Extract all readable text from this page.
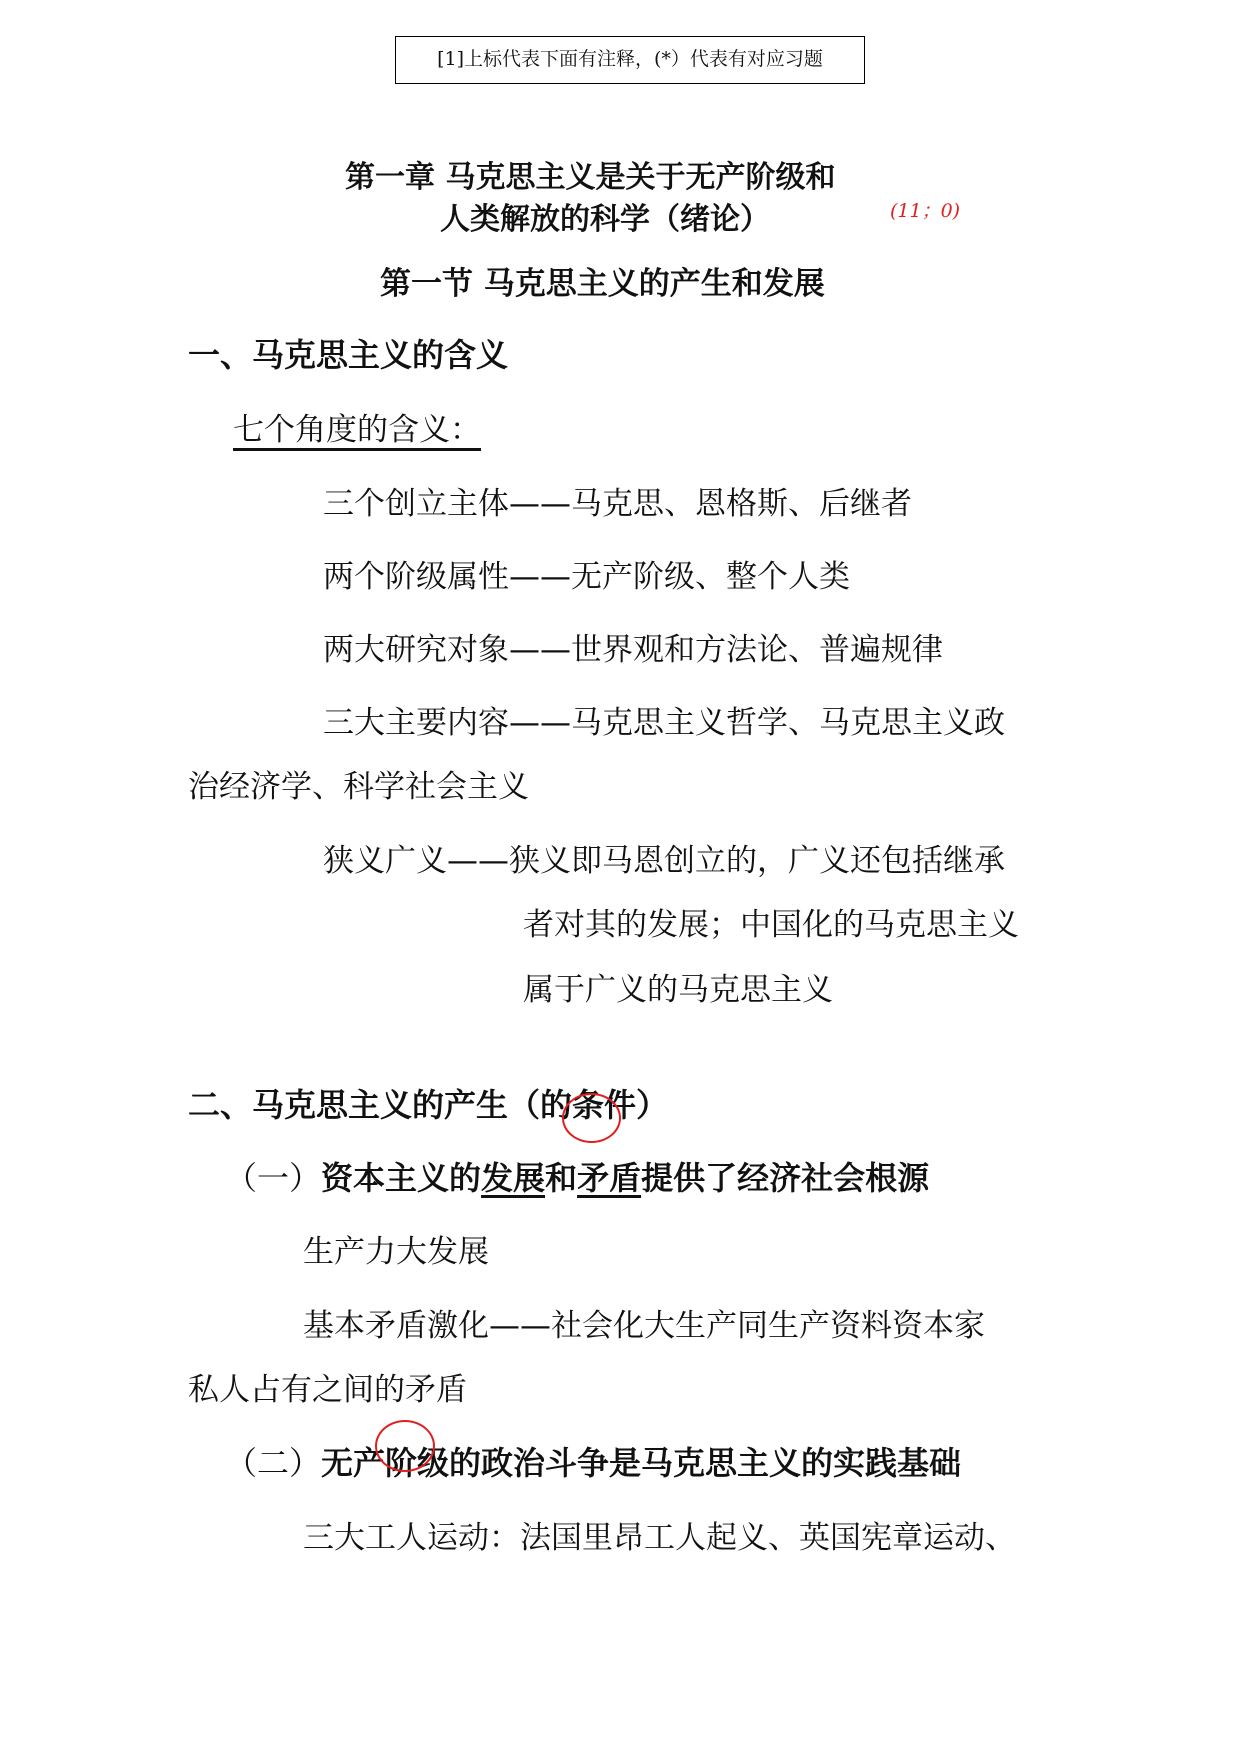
[1]上标代表下面有注释，(*）代表有对应习题
第一章 马克思主义是关于无产阶级和
人类解放的科学（绪论）	(11；0)
第一节 马克思主义的产生和发展
一、马克思主义的含义
七个角度的含义：
三个创立主体——马克思、恩格斯、后继者
两个阶级属性——无产阶级、整个人类
两大研究对象——世界观和方法论、普遍规律
三大主要内容——马克思主义哲学、马克思主义政
治经济学、科学社会主义
狭义广义——狭义即马恩创立的，广义还包括继承
者对其的发展；中国化的马克思主义
属于广义的马克思主义
二、马克思主义的产生（的条件）
（一）资本主义的发展和矛盾提供了经济社会根源
生产力大发展
基本矛盾激化——社会化大生产同生产资料资本家
私人占有之间的矛盾
（二）无产阶级的政治斗争是马克思主义的实践基础
三大工人运动：法国里昂工人起义、英国宪章运动、
